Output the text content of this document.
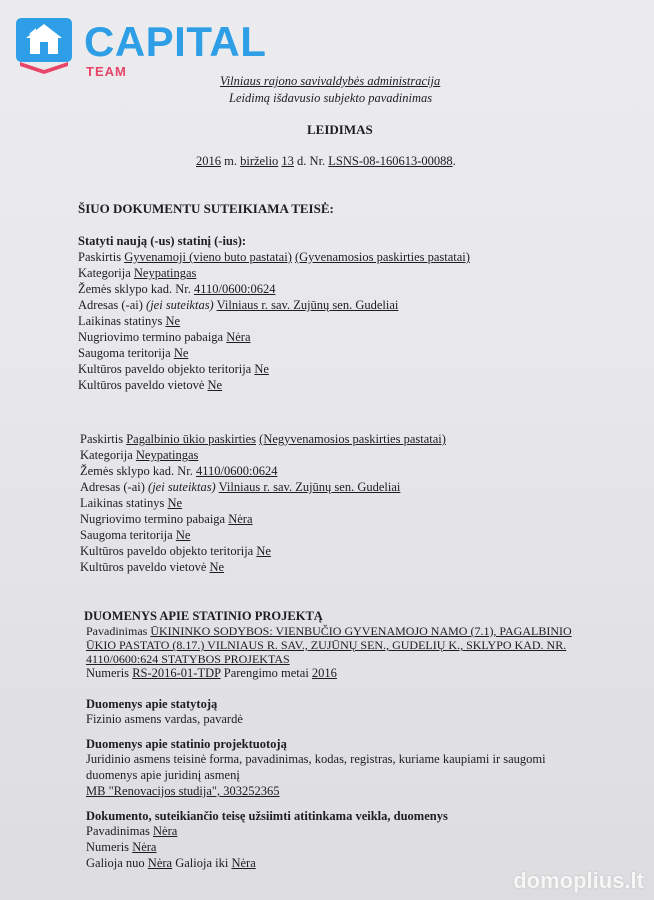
CAPITAL
TEAM
Vilniaus rajono savivaldybės administracija
Leidimą išdavusio subjekto pavadinimas
LEIDIMAS
2016 m. birželio 13 d. Nr. LSNS-08-160613-00088.
ŠIUO DOKUMENTU SUTEIKIAMA TEISĖ:
Statyti naują (-us) statinį (-ius):
Paskirtis Gyvenamoji (vieno buto pastatai) (Gyvenamosios paskirties pastatai)
Kategorija Neypatingas
Žemės sklypo kad. Nr. 4110/0600:0624
Adresas (-ai) (jei suteiktas) Vilniaus r. sav. Zujūnų sen. Gudeliai
Laikinas statinys Ne
Nugriovimo termino pabaiga Nėra
Saugoma teritorija Ne
Kultūros paveldo objekto teritorija Ne
Kultūros paveldo vietovė Ne
Paskirtis Pagalbinio ūkio paskirties (Negyvenamosios paskirties pastatai)
Kategorija Neypatingas
Žemės sklypo kad. Nr. 4110/0600:0624
Adresas (-ai) (jei suteiktas) Vilniaus r. sav. Zujūnų sen. Gudeliai
Laikinas statinys Ne
Nugriovimo termino pabaiga Nėra
Saugoma teritorija Ne
Kultūros paveldo objekto teritorija Ne
Kultūros paveldo vietovė Ne
DUOMENYS APIE STATINIO PROJEKTĄ
Pavadinimas ŪKININKO SODYBOS: VIENBUČIO GYVENAMOJO NAMO (7.1), PAGALBINIO
ŪKIO PASTATO (8.17.) VILNIAUS R. SAV., ZUJŪNŲ SEN., GUDELIŲ K., SKLYPO KAD. NR.
4110/0600:624 STATYBOS PROJEKTAS
Numeris RS-2016-01-TDP Parengimo metai 2016
Duomenys apie statytoją
Fizinio asmens vardas, pavardė
Duomenys apie statinio projektuotoją
Juridinio asmens teisinė forma, pavadinimas, kodas, registras, kuriame kaupiami ir saugomi
duomenys apie juridinį asmenį
MB "Renovacijos studija", 303252365
Dokumento, suteikiančio teisę užsiimti atitinkama veikla, duomenys
Pavadinimas Nėra
Numeris Nėra
Galioja nuo Nėra Galioja iki Nėra
domoplius.lt
